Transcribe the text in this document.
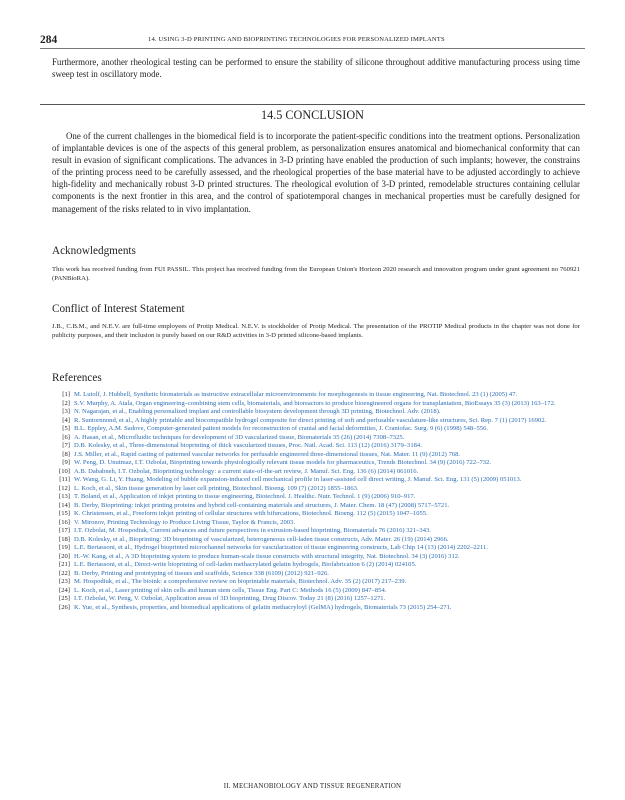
284	14. USING 3-D PRINTING AND BIOPRINTING TECHNOLOGIES FOR PERSONALIZED IMPLANTS

Furthermore, another rheological testing can be performed to ensure the stability of silicone throughout additive manufacturing process using time sweep test in oscillatory mode.

14.5 CONCLUSION

One of the current challenges in the biomedical field is to incorporate the patient-specific conditions into the treatment options. Personalization of implantable devices is one of the aspects of this general problem, as personalization ensures anatomical and biomechanical conformity that can result in evasion of significant complications. The advances in 3-D printing have enabled the production of such implants; however, the constrains of the printing process need to be carefully assessed, and the rheological properties of the base material have to be adjusted accordingly to achieve high-fidelity and mechanically robust 3-D printed structures. The rheological evolution of 3-D printed, remodelable structures containing cellular components is the next frontier in this area, and the control of spatiotemporal changes in mechanical properties must be carefully designed for management of the risks related to in vivo implantation.

Acknowledgments

This work has received funding from FUI PASSIL. This project has received funding from the European Union's Horizon 2020 research and innovation program under grant agreement no 760921 (PANBioRA).

Conflict of Interest Statement

J.B., C.B.M., and N.E.V. are full-time employees of Protip Medical. N.E.V. is stockholder of Protip Medical. The presentation of the PROTIP Medical products in the chapter was not done for publicity purposes, and their inclusion is purely based on our R&D activities in 3-D printed silicone-based implants.

References
[1] M. Lutolf, J. Hubbell, Synthetic biomaterials as instructive extracellular microenvironments for morphogenesis in tissue engineering, Nat. Biotechnol. 23 (1) (2005) 47.
[2] S.V. Murphy, A. Atala, Organ engineering–combining stem cells, biomaterials, and bioreactors to produce bioengineered organs for transplantation, BioEssays 35 (3) (2013) 163–172.
[3] N. Nagarajan, et al., Enabling personalized implant and controllable biosystem development through 3D printing, Biotechnol. Adv. (2018).
[4] R. Suntornnond, et al., A highly printable and biocompatible hydrogel composite for direct printing of soft and perfusable vasculature-like structures, Sci. Rep. 7 (1) (2017) 16902.
[5] B.L. Eppley, A.M. Sadove, Computer-generated patient models for reconstruction of cranial and facial deformities, J. Craniofac. Surg. 9 (6) (1998) 548–556.
[6] A. Hasan, et al., Microfluidic techniques for development of 3D vascularized tissue, Biomaterials 35 (26) (2014) 7308–7325.
[7] D.B. Kolesky, et al., Three-dimensional bioprinting of thick vascularized tissues, Proc. Natl. Acad. Sci. 113 (12) (2016) 3179–3184.
[8] J.S. Miller, et al., Rapid casting of patterned vascular networks for perfusable engineered three-dimensional tissues, Nat. Mater. 11 (9) (2012) 768.
[9] W. Peng, D. Unutmaz, I.T. Ozbolat, Bioprinting towards physiologically relevant tissue models for pharmaceutics, Trends Biotechnol. 34 (9) (2016) 722–732.
[10] A.B. Dababneh, I.T. Ozbolat, Bioprinting technology: a current state-of-the-art review, J. Manuf. Sci. Eng. 136 (6) (2014) 061016.
[11] W. Wang, G. Li, Y. Huang, Modeling of bubble expansion-induced cell mechanical profile in laser-assisted cell direct writing, J. Manuf. Sci. Eng. 131 (5) (2009) 051013.
[12] L. Koch, et al., Skin tissue generation by laser cell printing, Biotechnol. Bioeng. 109 (7) (2012) 1855–1863.
[13] T. Boland, et al., Application of inkjet printing to tissue engineering, Biotechnol. J. Healthc. Nutr. Technol. 1 (9) (2006) 910–917.
[14] B. Derby, Bioprinting: inkjet printing proteins and hybrid cell-containing materials and structures, J. Mater. Chem. 18 (47) (2008) 5717–5721.
[15] K. Christensen, et al., Freeform inkjet printing of cellular structures with bifurcations, Biotechnol. Bioeng. 112 (5) (2015) 1047–1055.
[16] V. Mironov, Printing Technology to Produce Living Tissue, Taylor & Francis, 2003.
[17] I.T. Ozbolat, M. Hospodiuk, Current advances and future perspectives in extrusion-based bioprinting, Biomaterials 76 (2016) 321–343.
[18] D.B. Kolesky, et al., Bioprinting: 3D bioprinting of vascularized, heterogeneous cell-laden tissue constructs, Adv. Mater. 26 (19) (2014) 2966.
[19] L.E. Bertassoni, et al., Hydrogel bioprinted microchannel networks for vascularization of tissue engineering constructs, Lab Chip 14 (13) (2014) 2202–2211.
[20] H.-W. Kang, et al., A 3D bioprinting system to produce human-scale tissue constructs with structural integrity, Nat. Biotechnol. 34 (3) (2016) 312.
[21] L.E. Bertassoni, et al., Direct-write bioprinting of cell-laden methacrylated gelatin hydrogels, Biofabrication 6 (2) (2014) 024105.
[22] B. Derby, Printing and prototyping of tissues and scaffolds, Science 338 (6109) (2012) 921–926.
[23] M. Hospodiuk, et al., The bioink: a comprehensive review on bioprintable materials, Biotechnol. Adv. 35 (2) (2017) 217–239.
[24] L. Koch, et al., Laser printing of skin cells and human stem cells, Tissue Eng. Part C: Methods 16 (5) (2009) 847–854.
[25] I.T. Ozbolat, W. Peng, V. Ozbolat, Application areas of 3D bioprinting, Drug Discov. Today 21 (8) (2016) 1257–1271.
[26] K. Yue, et al., Synthesis, properties, and biomedical applications of gelatin methacryloyl (GelMA) hydrogels, Biomaterials 73 (2015) 254–271.
II. MECHANOBIOLOGY AND TISSUE REGENERATION
